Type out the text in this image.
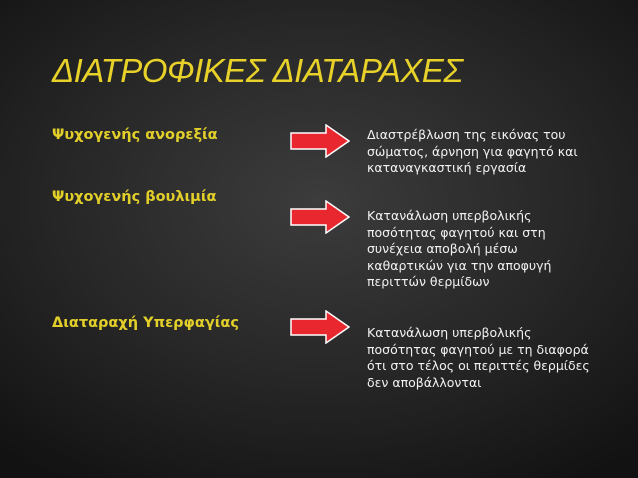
ΔΙΑΤΡΟΦΙΚΕΣ ΔΙΑΤΑΡΑΧΕΣ
Ψυχογενής ανορεξία
Ψυχογενής βουλιμία
Διαταραχή Υπερφαγίας
Διαστρέβλωση της εικόνας του σώματος, άρνηση για φαγητό και καταναγκαστική εργασία
Κατανάλωση υπερβολικής ποσότητας φαγητού και στη συνέχεια αποβολή μέσω καθαρτικών για την αποφυγή περιττών θερμίδων
Κατανάλωση υπερβολικής ποσότητας φαγητού με τη διαφορά ότι στο τέλος οι περιττές θερμίδες δεν αποβάλλονται
